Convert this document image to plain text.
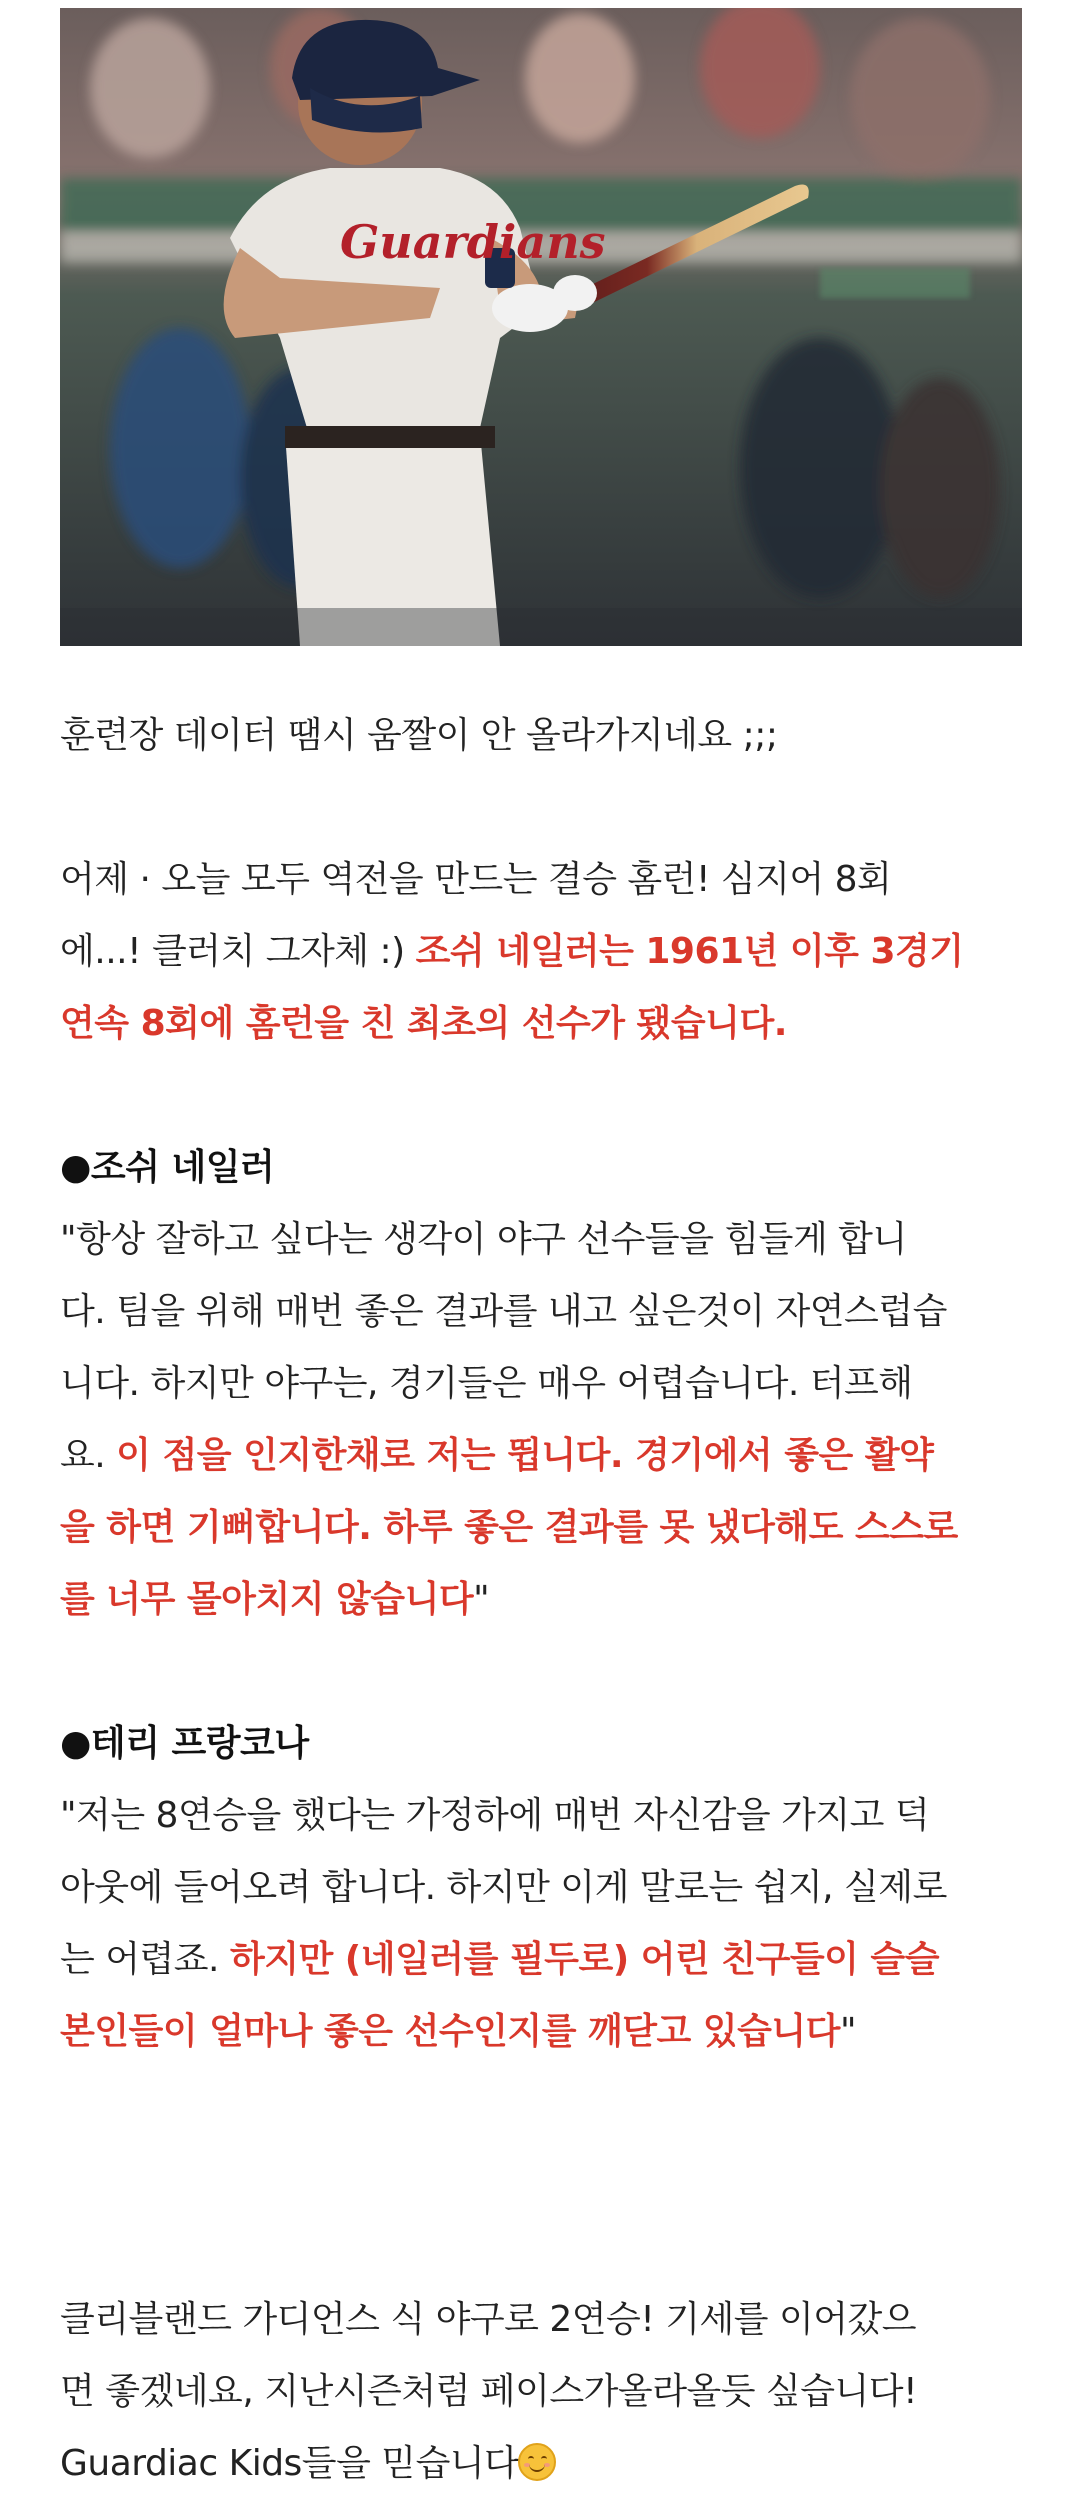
Guardians

훈련장 데이터 땜시 움짤이 안 올라가지네요 ;;;

어제 · 오늘 모두 역전을 만드는 결승 홈런! 심지어 8회
에...! 클러치 그자체 :) 조쉬 네일러는 1961년 이후 3경기
연속 8회에 홈런을 친 최초의 선수가 됐습니다.

●조쉬 네일러
"항상 잘하고 싶다는 생각이 야구 선수들을 힘들게 합니
다. 팀을 위해 매번 좋은 결과를 내고 싶은것이 자연스럽습
니다. 하지만 야구는, 경기들은 매우 어렵습니다. 터프해
요. 이 점을 인지한채로 저는 뜁니다. 경기에서 좋은 활약
을 하면 기뻐합니다. 하루 좋은 결과를 못 냈다해도 스스로
를 너무 몰아치지 않습니다"

●테리 프랑코나
"저는 8연승을 했다는 가정하에 매번 자신감을 가지고 덕
아웃에 들어오려 합니다. 하지만 이게 말로는 쉽지, 실제로
는 어렵죠. 하지만 (네일러를 필두로) 어린 친구들이 슬슬
본인들이 얼마나 좋은 선수인지를 깨닫고 있습니다"

클리블랜드 가디언스 식 야구로 2연승! 기세를 이어갔으
면 좋겠네요, 지난시즌처럼 페이스가올라올듯 싶습니다!
Guardiac Kids들을 믿습니다
